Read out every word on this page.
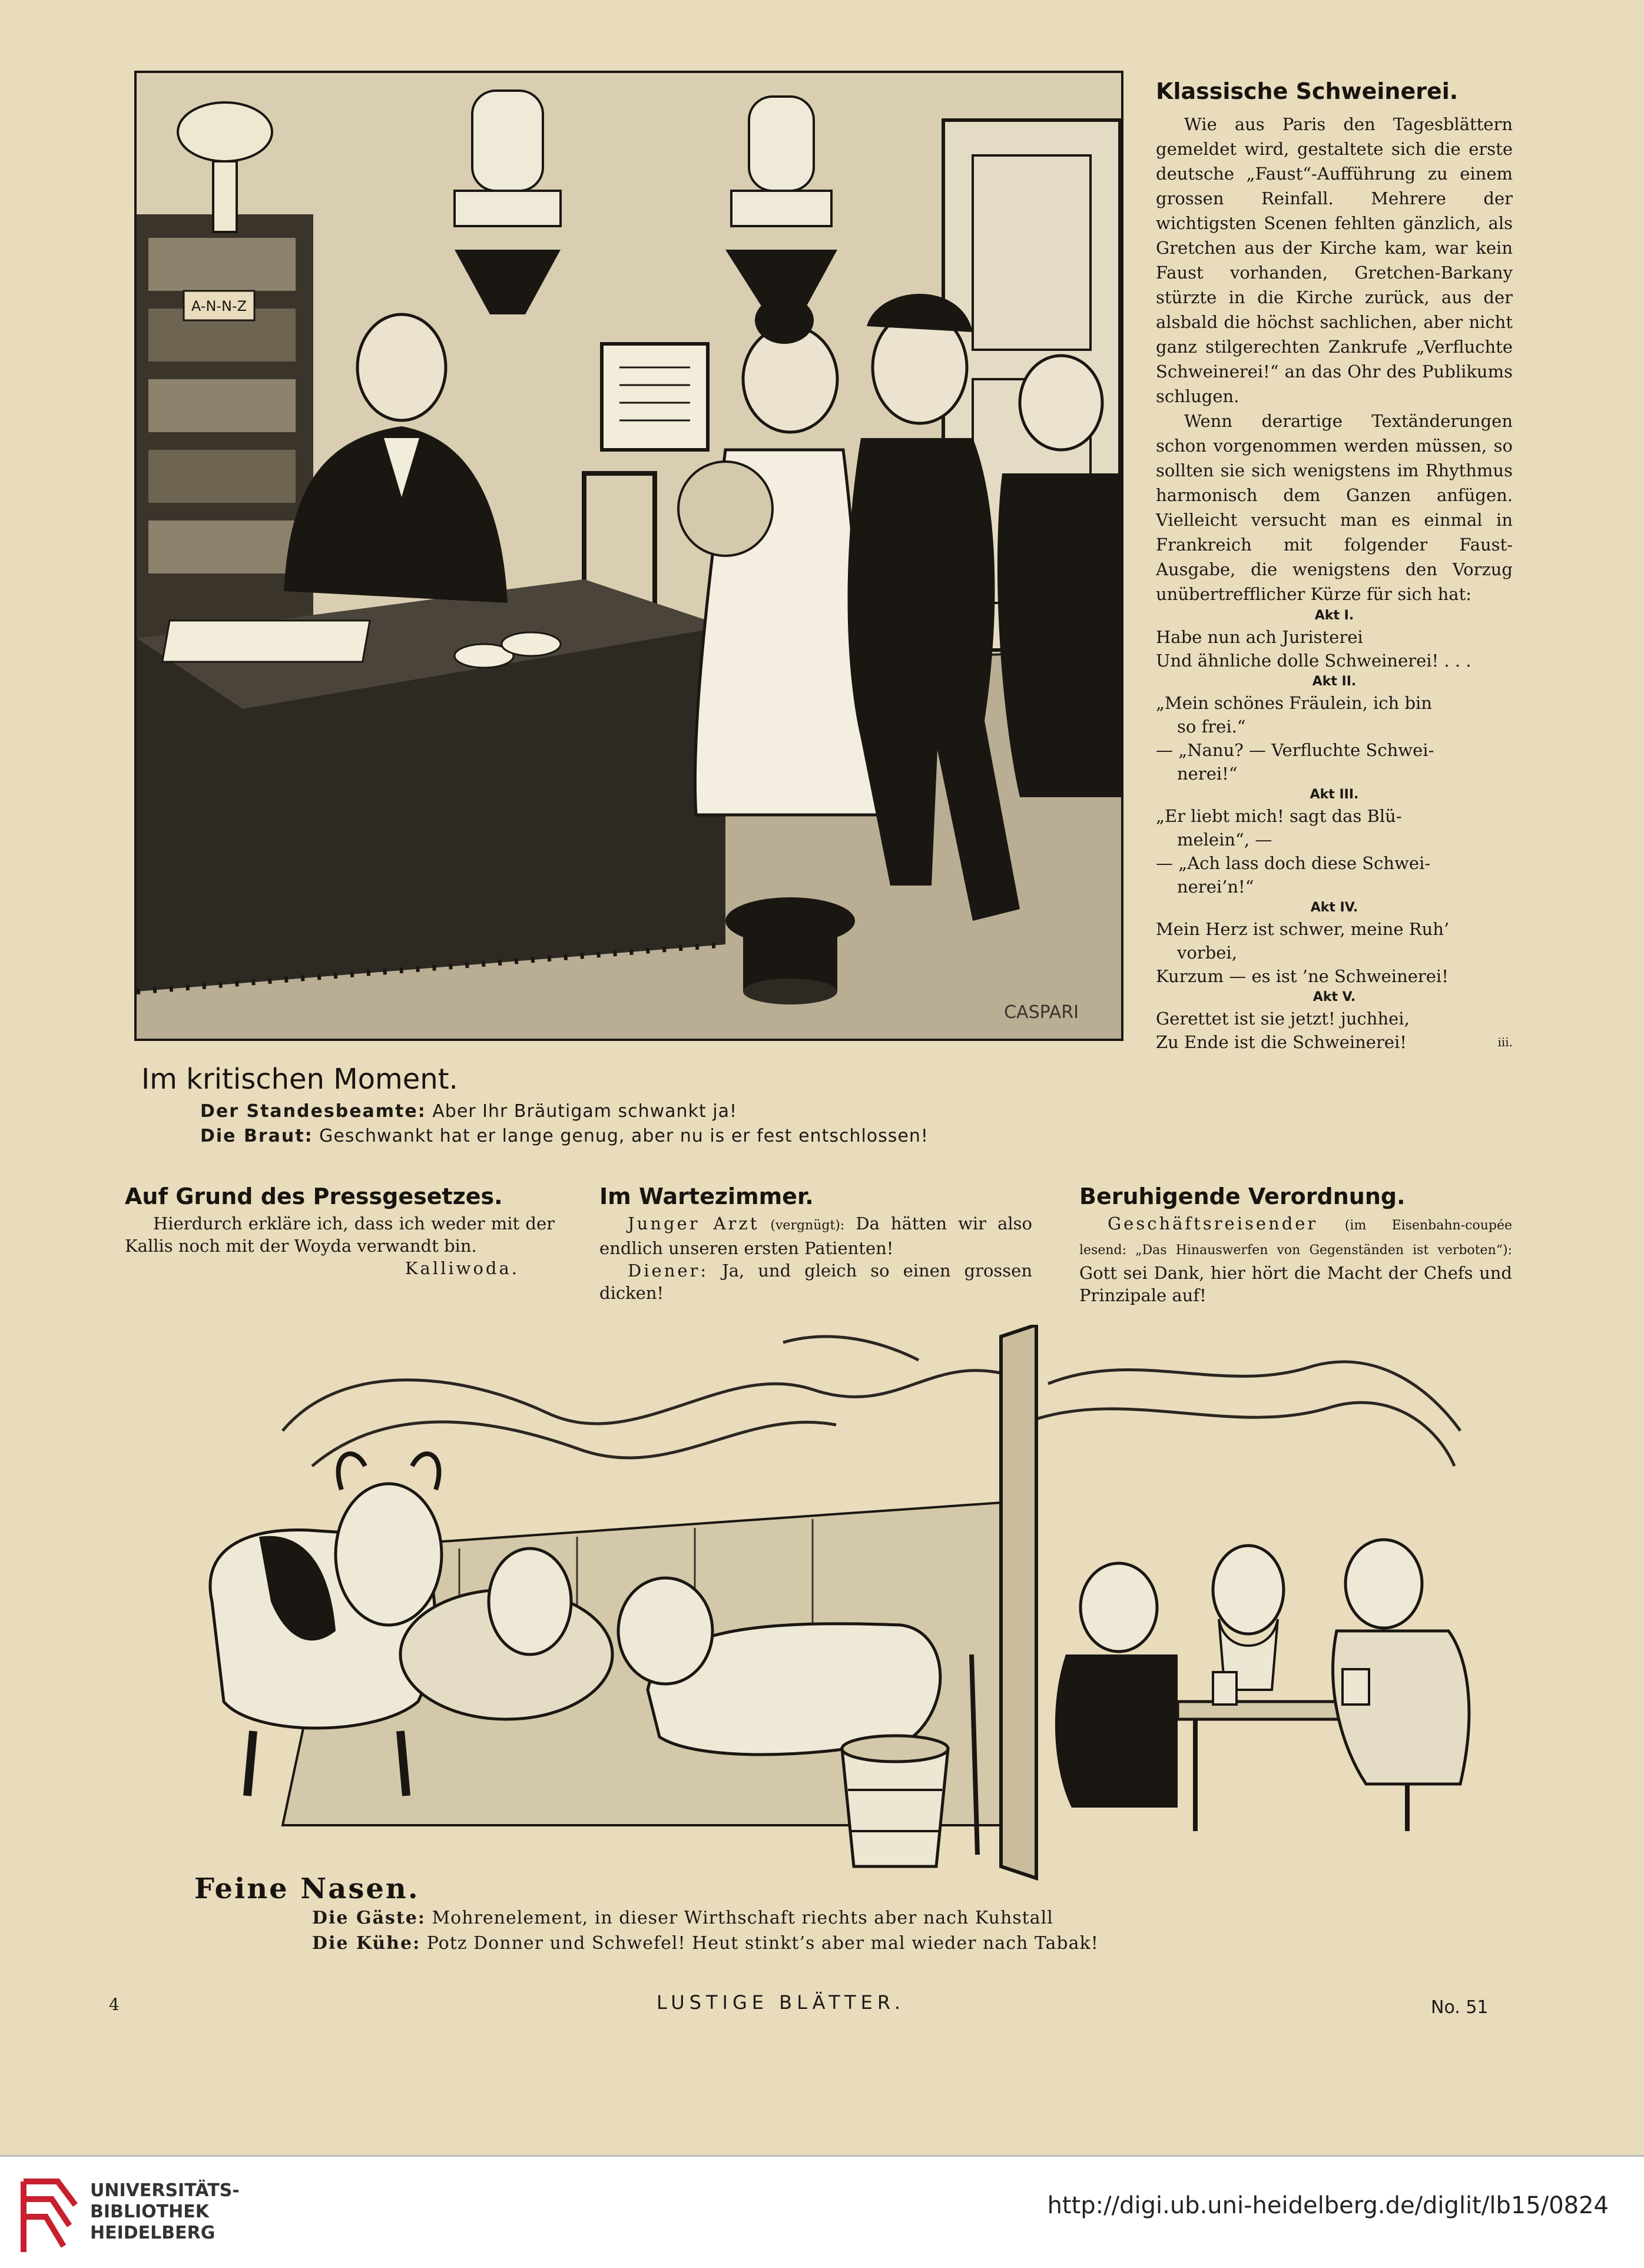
A-N-N-Z
CASPARI
Im kritischen Moment.
Der Standesbeamte: Aber Ihr Bräutigam schwankt ja!
Die Braut: Geschwankt hat er lange genug, aber nu is er fest entschlossen!
Klassische Schweinerei.

Wie aus Paris den Tagesblättern gemeldet wird, gestaltete sich die erste deutsche „Faust“-Aufführung zu einem grossen Reinfall. Mehrere der wichtigsten Scenen fehlten gänzlich, als Gretchen aus der Kirche kam, war kein Faust vorhanden, Gretchen-Barkany stürzte in die Kirche zurück, aus der alsbald die höchst sachlichen, aber nicht ganz stilgerechten Zankrufe „Verfluchte Schweinerei!“ an das Ohr des Publikums schlugen.

Wenn derartige Textänderungen schon vorgenommen werden müssen, so sollten sie sich wenigstens im Rhythmus harmonisch dem Ganzen anfügen. Vielleicht versucht man es einmal in Frankreich mit folgender Faust-Ausgabe, die wenigstens den Vorzug unübertrefflicher Kürze für sich hat:

Akt I.
Habe nun ach Juristerei
Und ähnliche dolle Schweinerei! . . .
Akt II.
„Mein schönes Fräulein, ich bin
so frei.“
— „Nanu? — Verfluchte Schwei-
nerei!“
Akt III.
„Er liebt mich! sagt das Blü-
melein“, —
— „Ach lass doch diese Schwei-
nerei’n!“
Akt IV.
Mein Herz ist schwer, meine Ruh’
vorbei,
Kurzum — es ist ’ne Schweinerei!
Akt V.
Gerettet ist sie jetzt! juchhei,
Zu Ende ist die Schweinerei!	iii.
Auf Grund des Pressgesetzes.

Hierdurch erkläre ich, dass ich weder mit der Kallis noch mit der Woyda verwandt bin.

Kalliwoda.
Im Wartezimmer.

Junger Arzt (vergnügt): Da hätten wir also endlich unseren ersten Patienten!

Diener: Ja, und gleich so einen grossen dicken!

Beruhigende Verordnung.

Geschäftsreisender (im Eisenbahn-coupée lesend: „Das Hinauswerfen von Gegenständen ist verboten“): Gott sei Dank, hier hört die Macht der Chefs und Prinzipale auf!

Feine Nasen.
Die Gäste: Mohrenelement, in dieser Wirthschaft riechts aber nach Kuhstall
Die Kühe: Potz Donner und Schwefel! Heut stinkt’s aber mal wieder nach Tabak!
4	LUSTIGE BLÄTTER.	No. 51
UNIVERSITÄTS-
BIBLIOTHEK
HEIDELBERG
http://digi.ub.uni-heidelberg.de/diglit/lb15/0824
